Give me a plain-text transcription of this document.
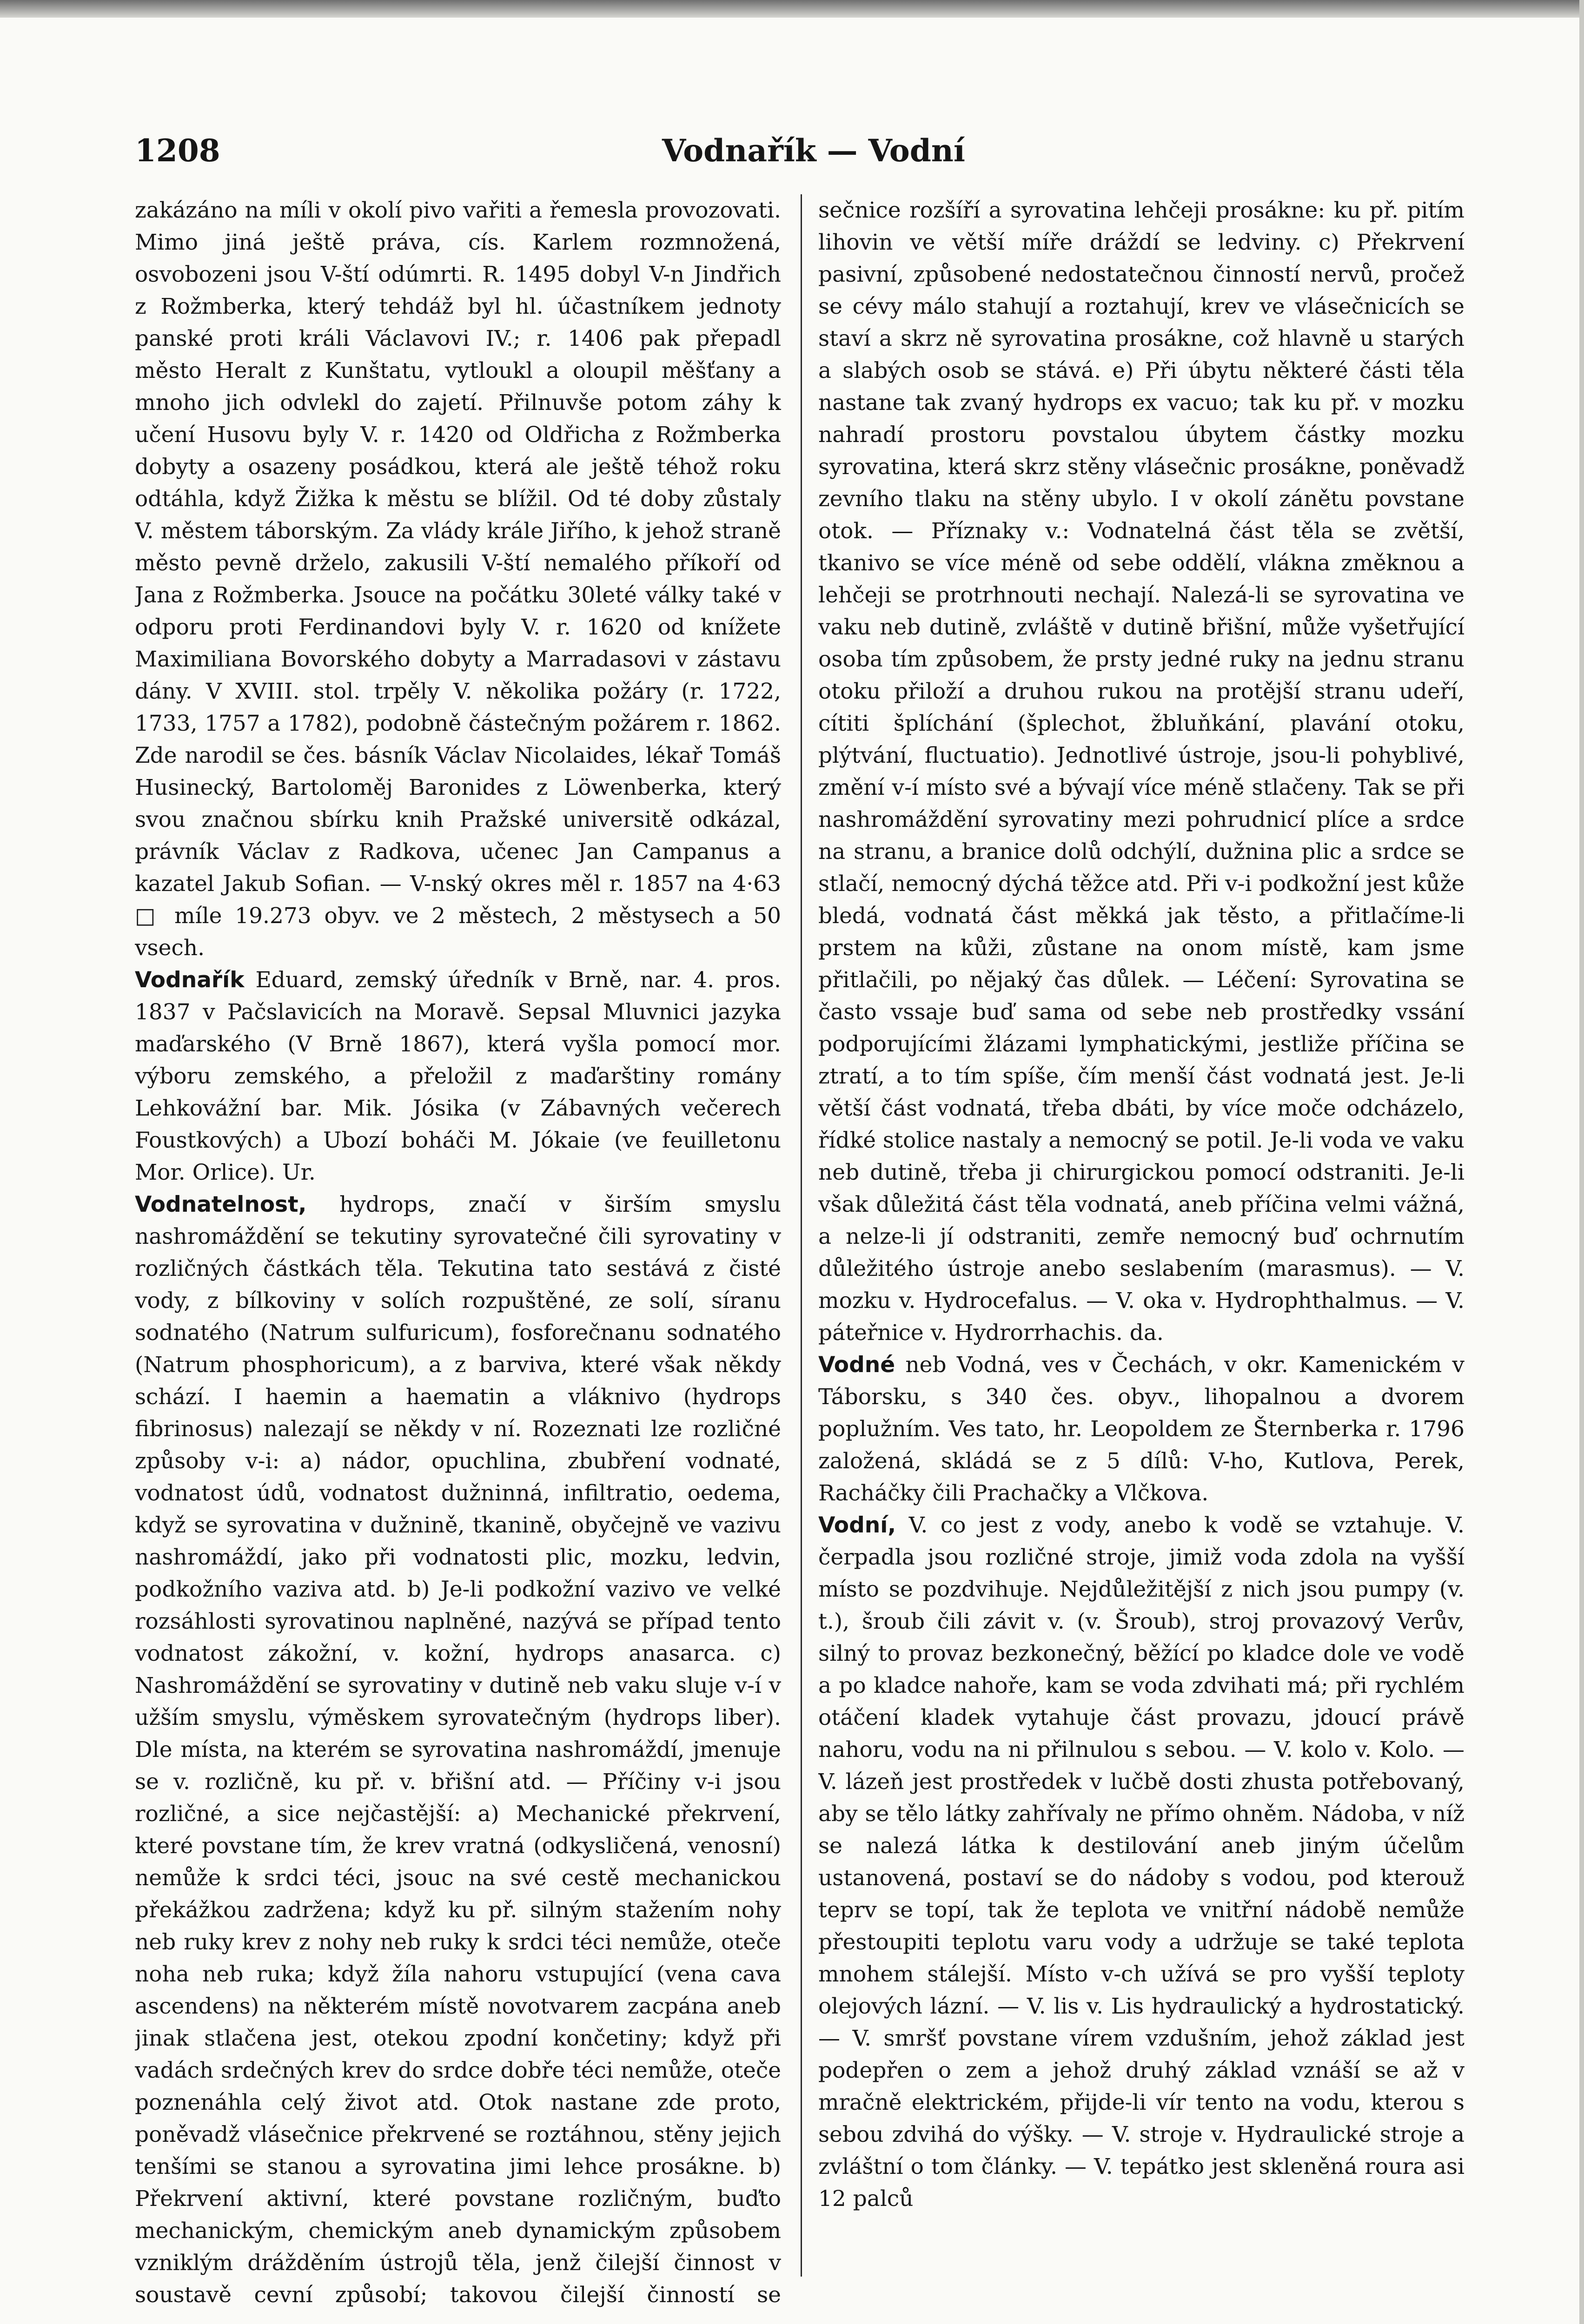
1208	Vodnařík — Vodní

zakázáno na míli v okolí pivo vařiti a řemesla provozovati. Mimo jiná ještě práva, cís. Karlem rozmnožená, osvobozeni jsou V-ští odúmrti. R. 1495 dobyl V-n Jindřich z Rožmberka, který tehdáž byl hl. účastníkem jednoty panské proti králi Václavovi IV.; r. 1406 pak přepadl město Heralt z Kunštatu, vytloukl a oloupil měšťany a mnoho jich odvlekl do zajetí. Přilnuvše potom záhy k učení Husovu byly V. r. 1420 od Oldřicha z Rožmberka dobyty a osazeny posádkou, která ale ještě téhož roku odtáhla, když Žižka k městu se blížil. Od té doby zůstaly V. městem táborským. Za vlády krále Jiřího, k jehož straně město pevně drželo, zakusili V-ští nemalého příkoří od Jana z Rožmberka. Jsouce na počátku 30leté války také v odporu proti Ferdinandovi byly V. r. 1620 od knížete Maximiliana Bovorského dobyty a Marradasovi v zástavu dány. V XVIII. stol. trpěly V. několika požáry (r. 1722, 1733, 1757 a 1782), podobně částečným požárem r. 1862. Zde narodil se čes. básník Václav Nicolaides, lékař Tomáš Husinecký, Bartoloměj Baronides z Löwenberka, který svou značnou sbírku knih Pražské universitě odkázal, právník Václav z Radkova, učenec Jan Campanus a kazatel Jakub Sofian. — V-nský okres měl r. 1857 na 4·63 □ míle 19.273 obyv. ve 2 městech, 2 městysech a 50 vsech.

Vodnařík Eduard, zemský úředník v Brně, nar. 4. pros. 1837 v Pačslavicích na Moravě. Sepsal Mluvnici jazyka maďarského (V Brně 1867), která vyšla pomocí mor. výboru zemského, a přeložil z maďarštiny romány Lehkovážní bar. Mik. Jósika (v Zábavných večerech Foustkových) a Ubozí boháči M. Jókaie (ve feuilletonu Mor. Orlice). Ur.

Vodnatelnost, hydrops, značí v širším smyslu nashromáždění se tekutiny syrovatečné čili syrovatiny v rozličných částkách těla. Tekutina tato sestává z čisté vody, z bílkoviny v solích rozpuštěné, ze solí, síranu sodnatého (Natrum sulfuricum), fosforečnanu sodnatého (Natrum phosphoricum), a z barviva, které však někdy schází. I haemin a haematin a vláknivo (hydrops fibrinosus) nalezají se někdy v ní. Rozeznati lze rozličné způsoby v-i: a) nádor, opuchlina, zbubření vodnaté, vodnatost údů, vodnatost dužninná, infiltratio, oedema, když se syrovatina v dužnině, tkanině, obyčejně ve vazivu nashromáždí, jako při vodnatosti plic, mozku, ledvin, podkožního vaziva atd. b) Je-li podkožní vazivo ve velké rozsáhlosti syrovatinou naplněné, nazývá se případ tento vodnatost zákožní, v. kožní, hydrops anasarca. c) Nashromáždění se syrovatiny v dutině neb vaku sluje v-í v užším smyslu, výměskem syrovatečným (hydrops liber). Dle místa, na kterém se syrovatina nashromáždí, jmenuje se v. rozličně, ku př. v. břišní atd. — Příčiny v-i jsou rozličné, a sice nejčastější: a) Mechanické překrvení, které povstane tím, že krev vratná (odkysličená, venosní) nemůže k srdci téci, jsouc na své cestě mechanickou překážkou zadržena; když ku př. silným stažením nohy neb ruky krev z nohy neb ruky k srdci téci nemůže, oteče noha neb ruka; když žíla nahoru vstupující (vena cava ascendens) na některém místě novotvarem zacpána aneb jinak stlačena jest, otekou zpodní končetiny; když při vadách srdečných krev do srdce dobře téci nemůže, oteče poznenáhla celý život atd. Otok nastane zde proto, poněvadž vlásečnice překrvené se roztáhnou, stěny jejich tenšími se stanou a syrovatina jimi lehce prosákne. b) Překrvení aktivní, které povstane rozličným, buďto mechanickým, chemickým aneb dynamickým způsobem vzniklým drážděním ústrojů těla, jenž čilejší činnost v soustavě cevní způsobí; takovou čilejší činností se

sečnice rozšíří a syrovatina lehčeji prosákne: ku př. pitím lihovin ve větší míře dráždí se ledviny. c) Překrvení pasivní, způsobené nedostatečnou činností nervů, pročež se cévy málo stahují a roztahují, krev ve vlásečnicích se staví a skrz ně syrovatina prosákne, což hlavně u starých a slabých osob se stává. e) Při úbytu některé části těla nastane tak zvaný hydrops ex vacuo; tak ku př. v mozku nahradí prostoru povstalou úbytem částky mozku syrovatina, která skrz stěny vlásečnic prosákne, poněvadž zevního tlaku na stěny ubylo. I v okolí zánětu povstane otok. — Příznaky v.: Vodnatelná část těla se zvětší, tkanivo se více méně od sebe oddělí, vlákna změknou a lehčeji se protrhnouti nechají. Nalezá-li se syrovatina ve vaku neb dutině, zvláště v dutině břišní, může vyšetřující osoba tím způsobem, že prsty jedné ruky na jednu stranu otoku přiloží a druhou rukou na protější stranu udeří, cítiti šplíchání (šplechot, žbluňkání, plavání otoku, plýtvání, fluctuatio). Jednotlivé ústroje, jsou-li pohyblivé, změní v-í místo své a bývají více méně stlačeny. Tak se při nashromáždění syrovatiny mezi pohrudnicí plíce a srdce na stranu, a branice dolů odchýlí, dužnina plic a srdce se stlačí, nemocný dýchá těžce atd. Při v-i podkožní jest kůže bledá, vodnatá část měkká jak těsto, a přitlačíme-li prstem na kůži, zůstane na onom místě, kam jsme přitlačili, po nějaký čas důlek. — Léčení: Syrovatina se často vssaje buď sama od sebe neb prostředky vssání podporujícími žlázami lymphatickými, jestliže příčina se ztratí, a to tím spíše, čím menší část vodnatá jest. Je-li větší část vodnatá, třeba dbáti, by více moče odcházelo, řídké stolice nastaly a nemocný se potil. Je-li voda ve vaku neb dutině, třeba ji chirurgickou pomocí odstraniti. Je-li však důležitá část těla vodnatá, aneb příčina velmi vážná, a nelze-li jí odstraniti, zemře nemocný buď ochrnutím důležitého ústroje anebo seslabením (marasmus). — V. mozku v. Hydrocefalus. — V. oka v. Hydrophthalmus. — V. páteřnice v. Hydrorrhachis. da.

Vodné neb Vodná, ves v Čechách, v okr. Kamenickém v Táborsku, s 340 čes. obyv., lihopalnou a dvorem poplužním. Ves tato, hr. Leopoldem ze Šternberka r. 1796 založená, skládá se z 5 dílů: V-ho, Kutlova, Perek, Racháčky čili Prachačky a Vlčkova.

Vodní, V. co jest z vody, anebo k vodě se vztahuje. V. čerpadla jsou rozličné stroje, jimiž voda zdola na vyšší místo se pozdvihuje. Nejdůležitější z nich jsou pumpy (v. t.), šroub čili závit v. (v. Šroub), stroj provazový Verův, silný to provaz bezkonečný, běžící po kladce dole ve vodě a po kladce nahoře, kam se voda zdvihati má; při rychlém otáčení kladek vytahuje část provazu, jdoucí právě nahoru, vodu na ni přilnulou s sebou. — V. kolo v. Kolo. — V. lázeň jest prostředek v lučbě dosti zhusta potřebovaný, aby se tělo látky zahřívaly ne přímo ohněm. Nádoba, v níž se nalezá látka k destilování aneb jiným účelům ustanovená, postaví se do nádoby s vodou, pod kterouž teprv se topí, tak že teplota ve vnitřní nádobě nemůže přestoupiti teplotu varu vody a udržuje se také teplota mnohem stálejší. Místo v-ch užívá se pro vyšší teploty olejových lázní. — V. lis v. Lis hydraulický a hydrostatický. — V. smršť povstane vírem vzdušním, jehož základ jest podepřen o zem a jehož druhý základ vznáší se až v mračně elektrickém, přijde-li vír tento na vodu, kterou s sebou zdvihá do výšky. — V. stroje v. Hydraulické stroje a zvláštní o tom články. — V. tepátko jest skleněná roura asi 12 palců
